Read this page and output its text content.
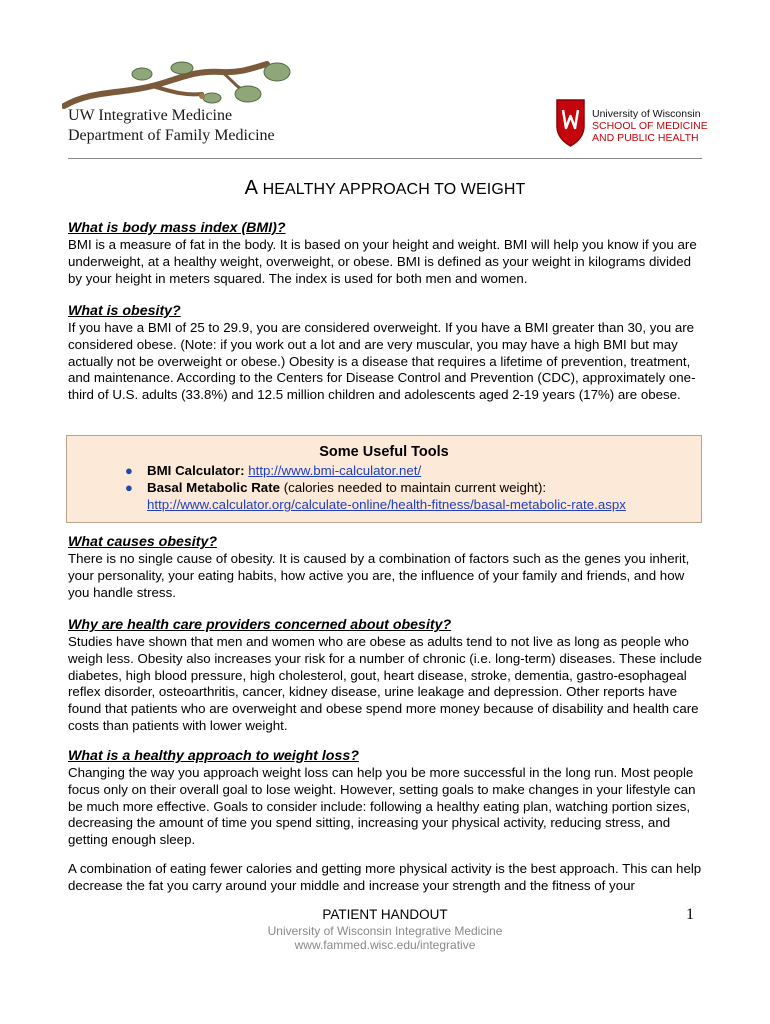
UW Integrative Medicine
Department of Family Medicine
University of Wisconsin
SCHOOL OF MEDICINE
AND PUBLIC HEALTH
A HEALTHY APPROACH TO WEIGHT

What is body mass index (BMI)?

BMI is a measure of fat in the body. It is based on your height and weight. BMI will help you know if you are underweight, at a healthy weight, overweight, or obese. BMI is defined as your weight in kilograms divided by your height in meters squared. The index is used for both men and women.

What is obesity?

If you have a BMI of 25 to 29.9, you are considered overweight. If you have a BMI greater than 30, you are considered obese. (Note: if you work out a lot and are very muscular, you may have a high BMI but may actually not be overweight or obese.) Obesity is a disease that requires a lifetime of prevention, treatment, and maintenance. According to the Centers for Disease Control and Prevention (CDC), approximately one-third of U.S. adults (33.8%) and 12.5 million children and adolescents aged 2-19 years (17%) are obese.

Some Useful Tools
● BMI Calculator: http://www.bmi-calculator.net/
● Basal Metabolic Rate (calories needed to maintain current weight):
http://www.calculator.org/calculate-online/health-fitness/basal-metabolic-rate.aspx

What causes obesity?

There is no single cause of obesity. It is caused by a combination of factors such as the genes you inherit, your personality, your eating habits, how active you are, the influence of your family and friends, and how you handle stress.

Why are health care providers concerned about obesity?

Studies have shown that men and women who are obese as adults tend to not live as long as people who weigh less. Obesity also increases your risk for a number of chronic (i.e. long-term) diseases. These include diabetes, high blood pressure, high cholesterol, gout, heart disease, stroke, dementia, gastro-esophageal reflex disorder, osteoarthritis, cancer, kidney disease, urine leakage and depression. Other reports have found that patients who are overweight and obese spend more money because of disability and health care costs than patients with lower weight.

What is a healthy approach to weight loss?

Changing the way you approach weight loss can help you be more successful in the long run. Most people focus only on their overall goal to lose weight. However, setting goals to make changes in your lifestyle can be much more effective. Goals to consider include: following a healthy eating plan, watching portion sizes, decreasing the amount of time you spend sitting, increasing your physical activity, reducing stress, and getting enough sleep.

A combination of eating fewer calories and getting more physical activity is the best approach. This can help decrease the fat you carry around your middle and increase your strength and the fitness of your

PATIENT HANDOUT	1
University of Wisconsin Integrative Medicine
www.fammed.wisc.edu/integrative
